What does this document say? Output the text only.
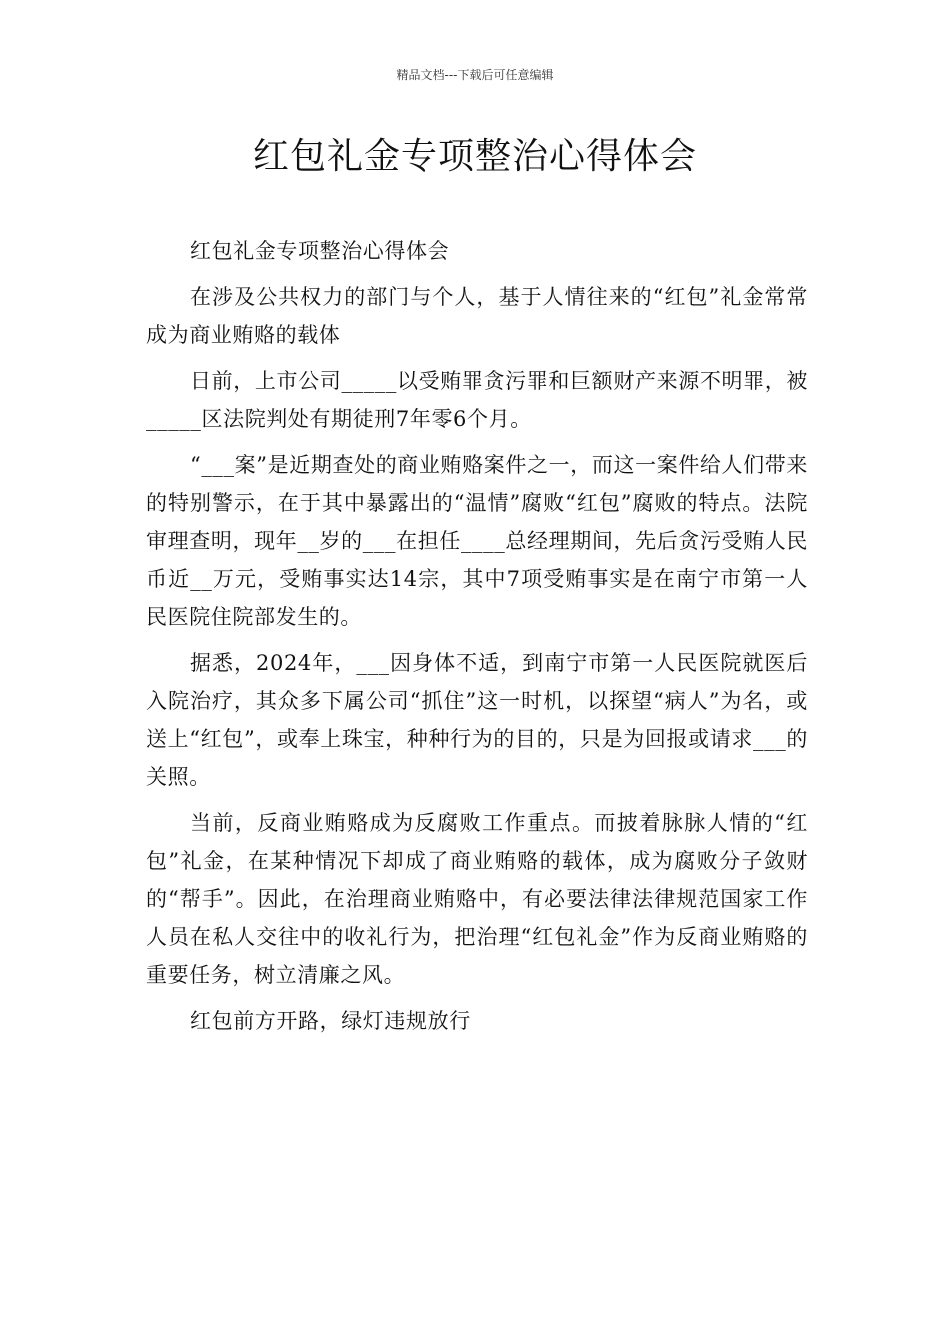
精品文档---下载后可任意编辑
红包礼金专项整治心得体会

红包礼金专项整治心得体会

在涉及公共权力的部门与个人，基于人情往来的“红包”礼金常常成为商业贿赂的载体

日前，上市公司_____以受贿罪贪污罪和巨额财产来源不明罪，被_____区法院判处有期徒刑7年零6个月。

“___案”是近期查处的商业贿赂案件之一，而这一案件给人们带来的特别警示，在于其中暴露出的“温情”腐败“红包”腐败的特点。法院审理查明，现年__岁的___在担任____总经理期间，先后贪污受贿人民币近__万元，受贿事实达14宗，其中7项受贿事实是在南宁市第一人民医院住院部发生的。

据悉，2024年，___因身体不适，到南宁市第一人民医院就医后入院治疗，其众多下属公司“抓住”这一时机，以探望“病人”为名，或送上“红包”，或奉上珠宝，种种行为的目的，只是为回报或请求___的关照。

当前，反商业贿赂成为反腐败工作重点。而披着脉脉人情的“红包”礼金，在某种情况下却成了商业贿赂的载体，成为腐败分子敛财的“帮手”。因此，在治理商业贿赂中，有必要法律法律规范国家工作人员在私人交往中的收礼行为，把治理“红包礼金”作为反商业贿赂的重要任务，树立清廉之风。

红包前方开路，绿灯违规放行
